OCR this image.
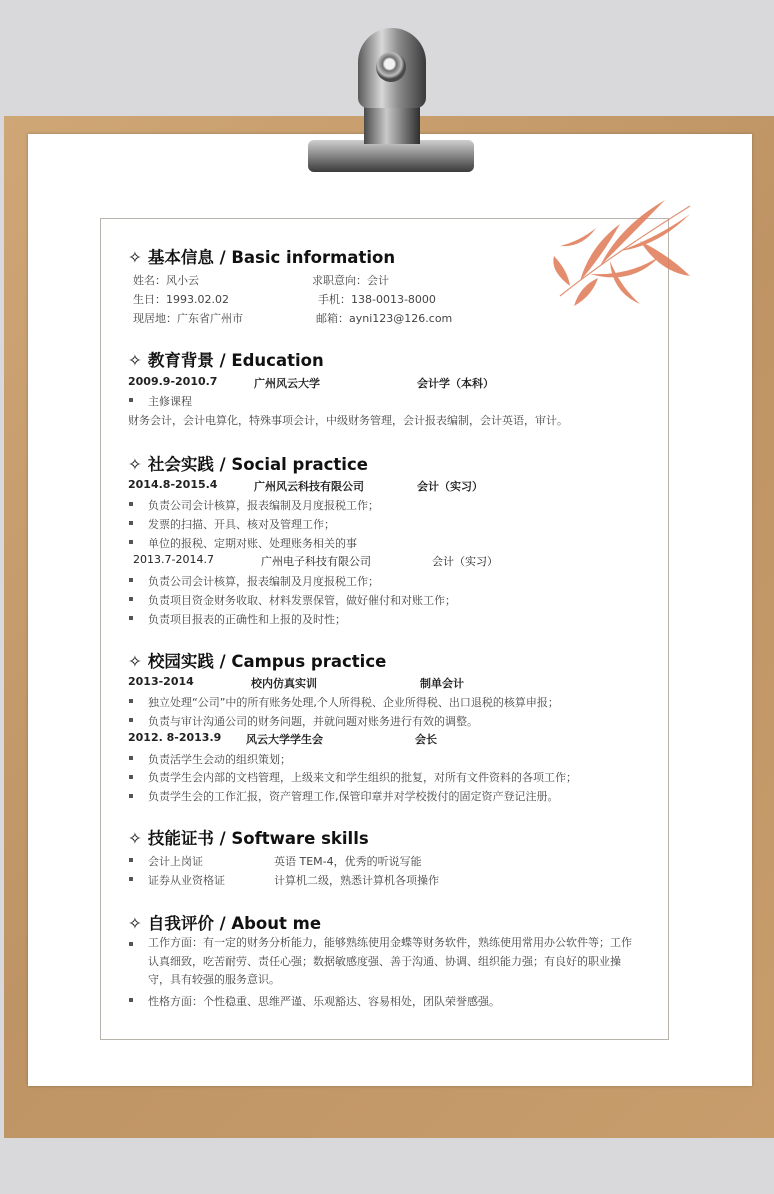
✧ 基本信息 / Basic information
姓名：风小云	求职意向：会计
生日：1993.02.02	手机：138-0013-8000
现居地：广东省广州市	邮箱：ayni123@126.com
✧ 教育背景 / Education
2009.9-2010.7	广州风云大学	会计学（本科）
主修课程
财务会计，会计电算化，特殊事项会计，中级财务管理，会计报表编制，会计英语，审计。
✧ 社会实践 / Social practice
2014.8-2015.4	广州风云科技有限公司	会计（实习）
负责公司会计核算，报表编制及月度报税工作；
发票的扫描、开具、核对及管理工作；
单位的报税、定期对账、处理账务相关的事
2013.7-2014.7	广州电子科技有限公司	会计（实习）
负责公司会计核算，报表编制及月度报税工作；
负责项目资金财务收取、材料发票保管，做好催付和对账工作；
负责项目报表的正确性和上报的及时性；
✧ 校园实践 / Campus practice
2013-2014	校内仿真实训	制单会计
独立处理“公司”中的所有账务处理,个人所得税、企业所得税、出口退税的核算申报；
负责与审计沟通公司的财务问题，并就问题对账务进行有效的调整。
2012. 8-2013.9 风云大学学生会	会长
负责活学生会动的组织策划；
负责学生会内部的文档管理，上级来文和学生组织的批复，对所有文件资料的各项工作；
负责学生会的工作汇报，资产管理工作,保管印章并对学校拨付的固定资产登记注册。
✧ 技能证书 / Software skills
会计上岗证	英语 TEM-4，优秀的听说写能
证券从业资格证	计算机二级，熟悉计算机各项操作
✧ 自我评价 / About me
工作方面：有一定的财务分析能力，能够熟练使用金蝶等财务软件，熟练使用常用办公软件等；工作认真细致，吃苦耐劳、责任心强；数据敏感度强、善于沟通、协调、组织能力强；有良好的职业操守，具有较强的服务意识。
性格方面：个性稳重、思维严谨、乐观豁达、容易相处，团队荣誉感强。
